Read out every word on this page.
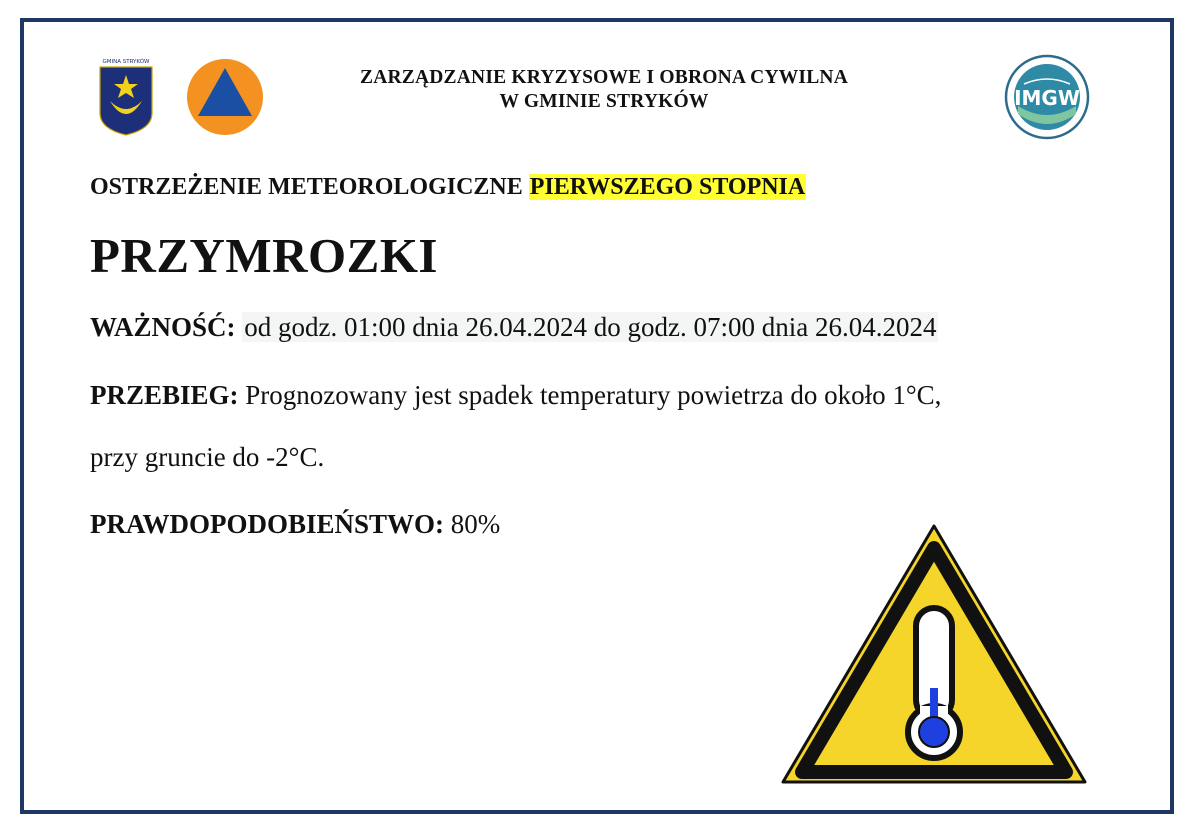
GMINA STRYKÓW
ZARZĄDZANIE KRYZYSOWE I OBRONA CYWILNA
W GMINIE STRYKÓW	IMGW
OSTRZEŻENIE METEOROLOGICZNE PIERWSZEGO STOPNIA
PRZYMROZKI
WAŻNOŚĆ: od godz. 01:00 dnia 26.04.2024 do godz. 07:00 dnia 26.04.2024
PRZEBIEG: Prognozowany jest spadek temperatury powietrza do około 1°C,
przy gruncie do -2°C.
PRAWDOPODOBIEŃSTWO: 80%
